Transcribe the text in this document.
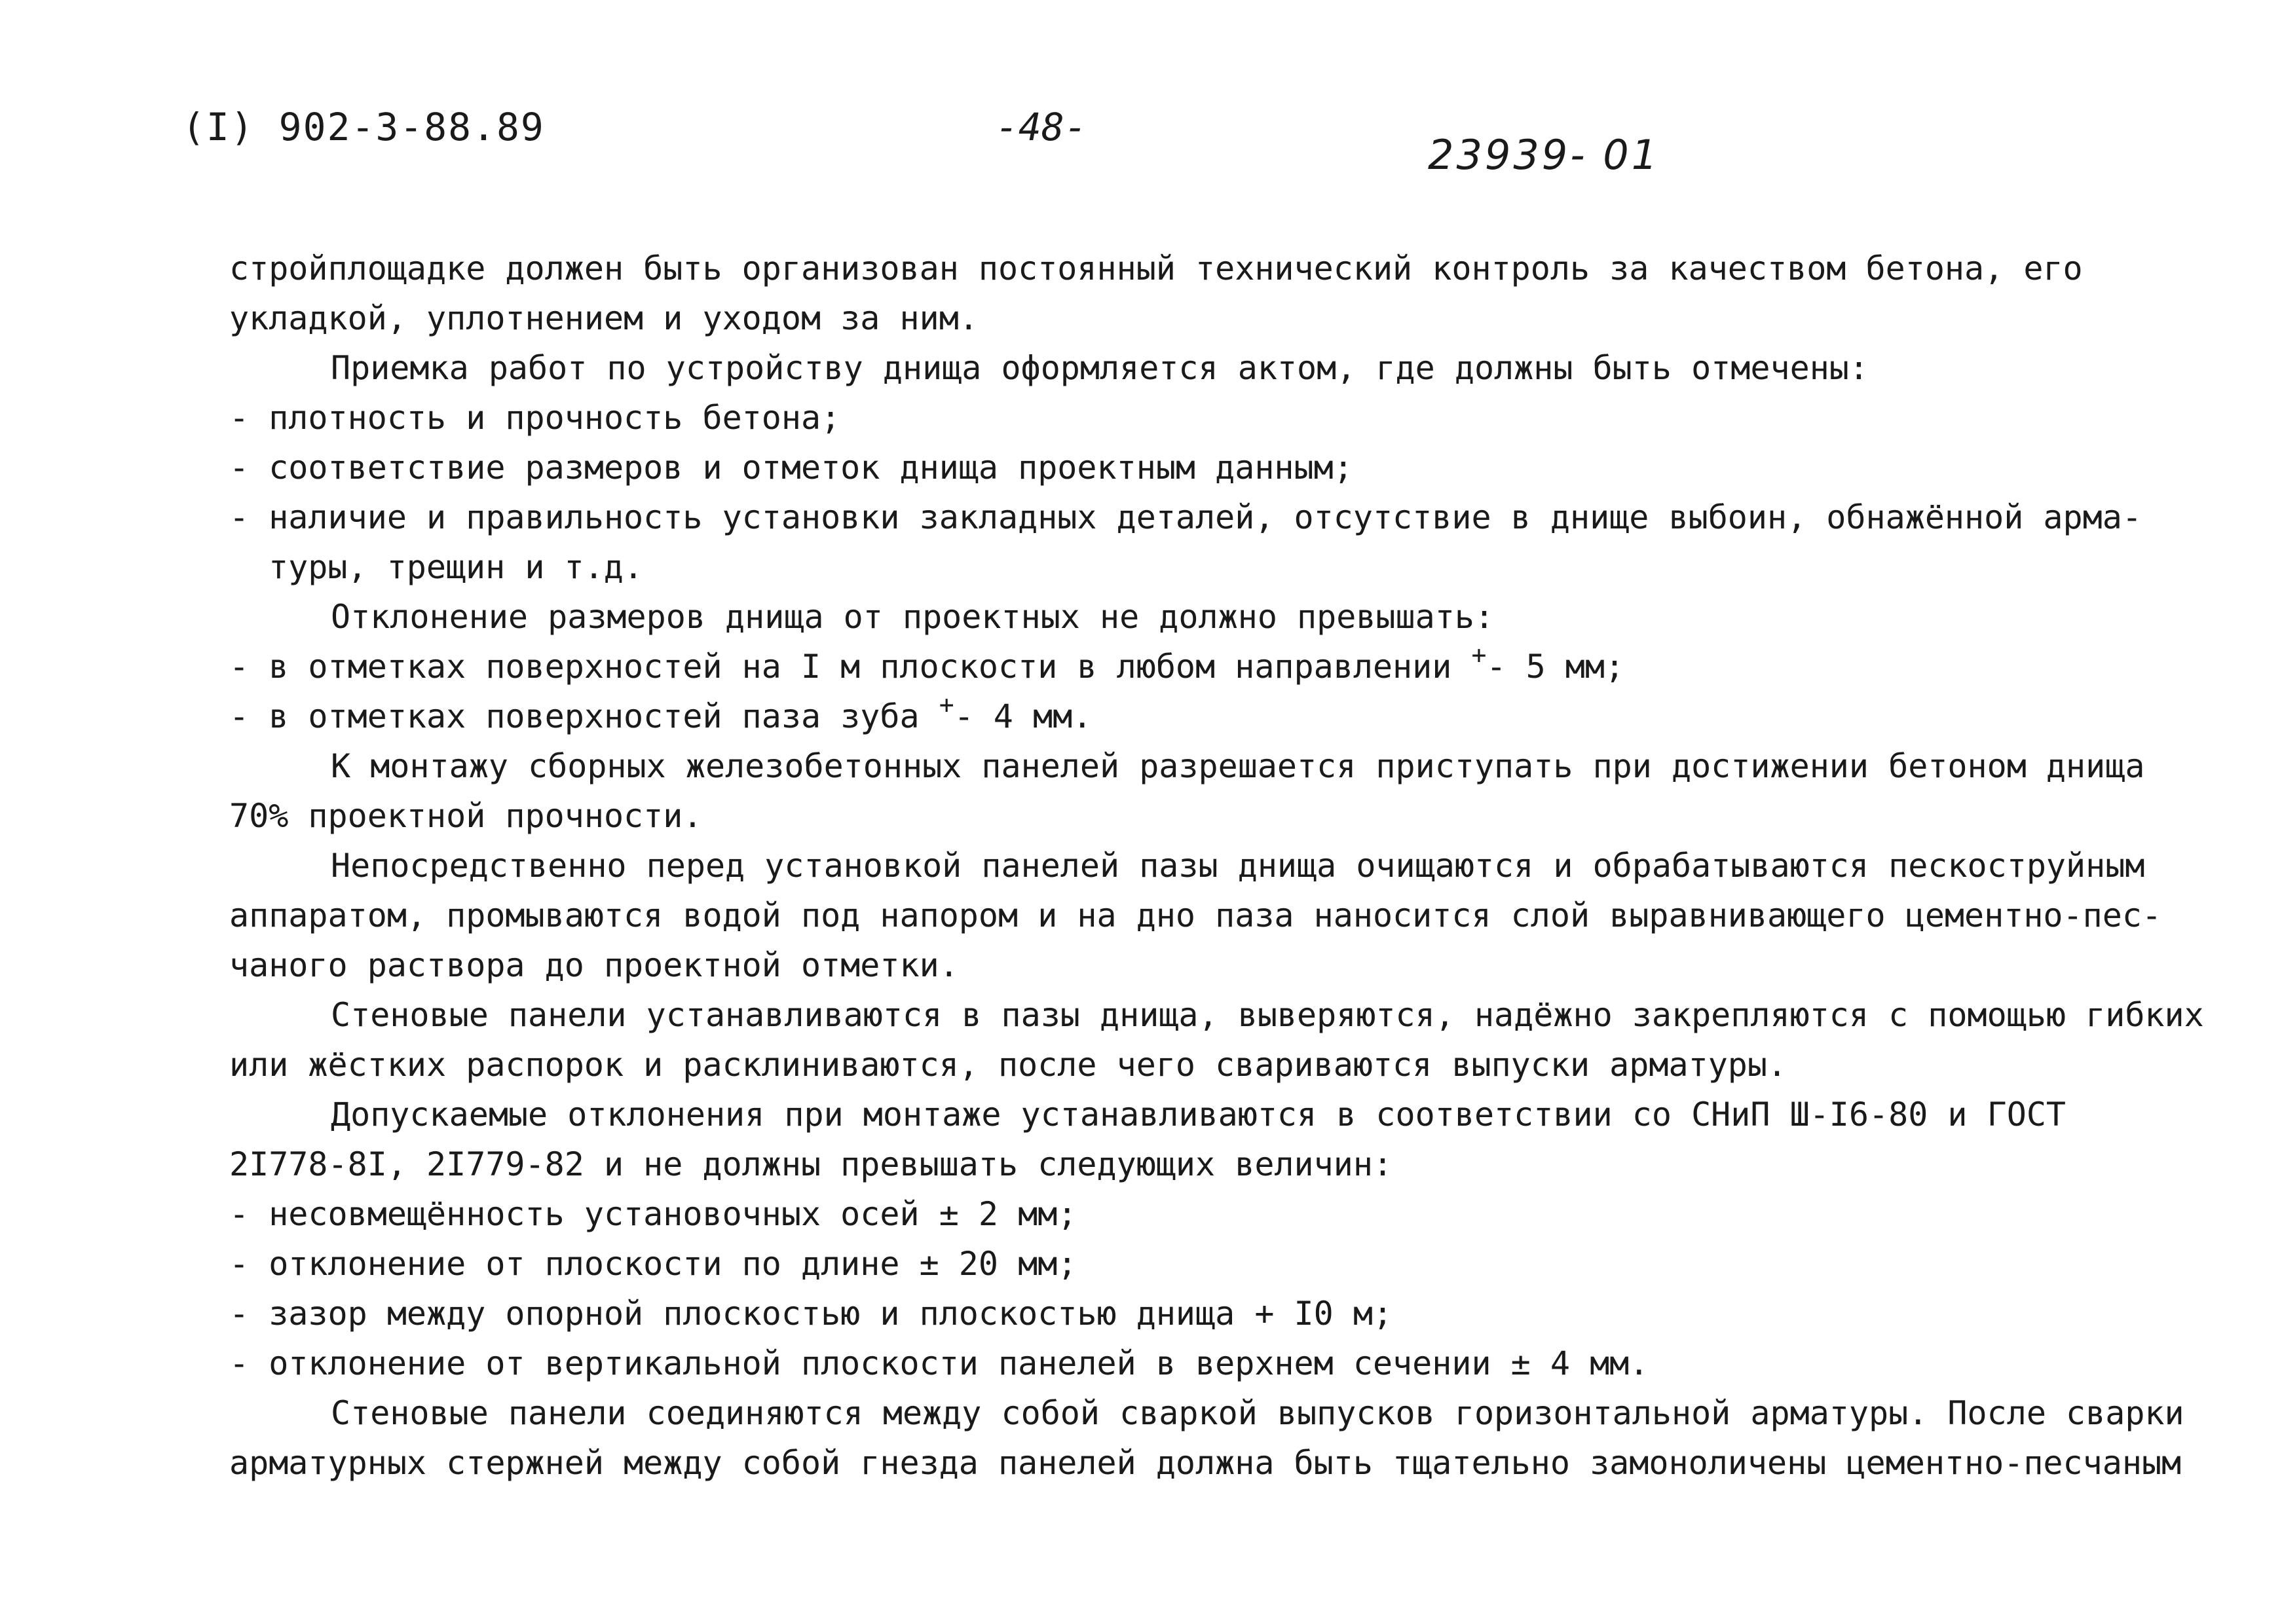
(I) 902-3-88.89	-48-
23939- 01
стройплощадке должен быть организован постоянный технический контроль за качеством бетона, его
укладкой, уплотнением и уходом за ним.
Приемка работ по устройству днища оформляется актом, где должны быть отмечены:
- плотность и прочность бетона;
- соответствие размеров и отметок днища проектным данным;
- наличие и правильность установки закладных деталей, отсутствие в днище выбоин, обнажённой арма-
туры, трещин и т.д.
Отклонение размеров днища от проектных не должно превышать:
- в отметках поверхностей на I м плоскости в любом направлении +- 5 мм;
- в отметках поверхностей паза зуба +- 4 мм.
К монтажу сборных железобетонных панелей разрешается приступать при достижении бетоном днища
70% проектной прочности.
Непосредственно перед установкой панелей пазы днища очищаются и обрабатываются пескоструйным
аппаратом, промываются водой под напором и на дно паза наносится слой выравнивающего цементно-пес-
чаного раствора до проектной отметки.
Стеновые панели устанавливаются в пазы днища, выверяются, надёжно закрепляются с помощью гибких
или жёстких распорок и расклиниваются, после чего свариваются выпуски арматуры.
Допускаемые отклонения при монтаже устанавливаются в соответствии со СНиП Ш-I6-80 и ГОСТ
2I778-8I, 2I779-82 и не должны превышать следующих величин:
- несовмещённость установочных осей ± 2 мм;
- отклонение от плоскости по длине ± 20 мм;
- зазор между опорной плоскостью и плоскостью днища + I0 м;
- отклонение от вертикальной плоскости панелей в верхнем сечении ± 4 мм.
Стеновые панели соединяются между собой сваркой выпусков горизонтальной арматуры. После сварки
арматурных стержней между собой гнезда панелей должна быть тщательно замоноличены цементно-песчаным
